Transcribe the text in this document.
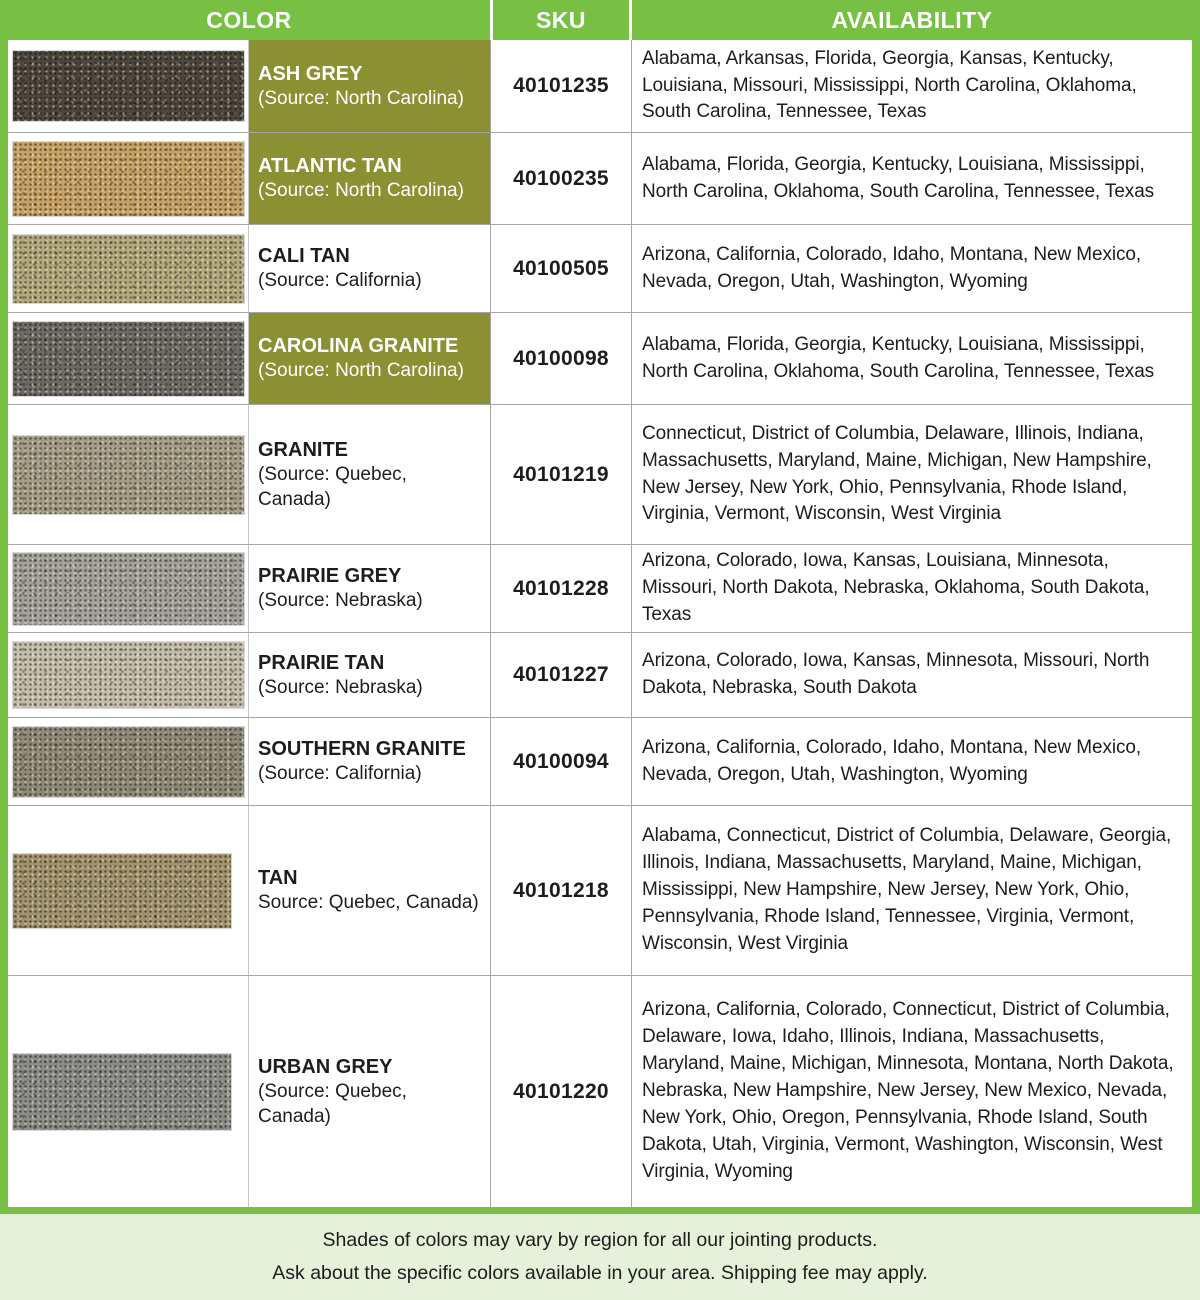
COLOR	SKU	AVAILABILITY
ASH GREY
(Source: North Carolina)
40101235
Alabama, Arkansas, Florida, Georgia, Kansas, Kentucky, Louisiana, Missouri, Mississippi, North Carolina, Oklahoma, South Carolina, Tennessee, Texas
ATLANTIC TAN
(Source: North Carolina)
40100235
Alabama, Florida, Georgia, Kentucky, Louisiana, Mississippi, North Carolina, Oklahoma, South Carolina, Tennessee, Texas
CALI TAN
(Source: California)
40100505
Arizona, California, Colorado, Idaho, Montana, New Mexico, Nevada, Oregon, Utah, Washington, Wyoming
CAROLINA GRANITE
(Source: North Carolina)
40100098
Alabama, Florida, Georgia, Kentucky, Louisiana, Mississippi, North Carolina, Oklahoma, South Carolina, Tennessee, Texas
GRANITE
(Source: Quebec, Canada)
40101219
Connecticut, District of Columbia, Delaware, Illinois, Indiana, Massachusetts, Maryland, Maine, Michigan, New Hampshire, New Jersey, New York, Ohio, Pennsylvania, Rhode Island, Virginia, Vermont, Wisconsin, West Virginia
PRAIRIE GREY
(Source: Nebraska)
40101228
Arizona, Colorado, Iowa, Kansas, Louisiana, Minnesota, Missouri, North Dakota, Nebraska, Oklahoma, South Dakota, Texas
PRAIRIE TAN
(Source: Nebraska)
40101227
Arizona, Colorado, Iowa, Kansas, Minnesota, Missouri, North Dakota, Nebraska, South Dakota
SOUTHERN GRANITE
(Source: California)
40100094
Arizona, California, Colorado, Idaho, Montana, New Mexico, Nevada, Oregon, Utah, Washington, Wyoming
TAN
Source: Quebec, Canada)
40101218
Alabama, Connecticut, District of Columbia, Delaware, Georgia, Illinois, Indiana, Massachusetts, Maryland, Maine, Michigan, Mississippi, New Hampshire, New Jersey, New York, Ohio, Pennsylvania, Rhode Island, Tennessee, Virginia, Vermont, Wisconsin, West Virginia
URBAN GREY
(Source: Quebec, Canada)
40101220
Arizona, California, Colorado, Connecticut, District of Columbia, Delaware, Iowa, Idaho, Illinois, Indiana, Massachusetts, Maryland, Maine, Michigan, Minnesota, Montana, North Dakota, Nebraska, New Hampshire, New Jersey, New Mexico, Nevada, New York, Ohio, Oregon, Pennsylvania, Rhode Island, South Dakota, Utah, Virginia, Vermont, Washington, Wisconsin, West Virginia, Wyoming
Shades of colors may vary by region for all our jointing products.
Ask about the specific colors available in your area. Shipping fee may apply.
